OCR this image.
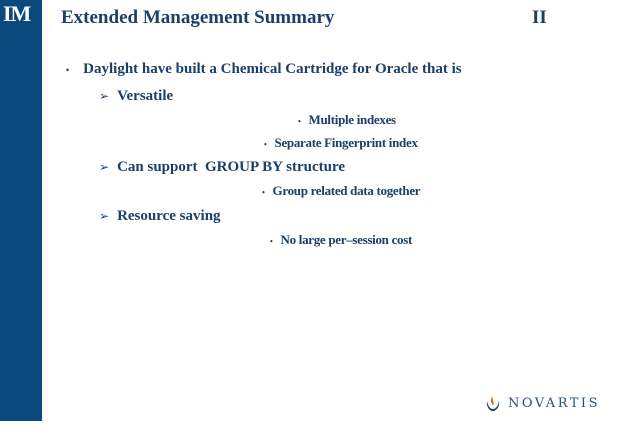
IM	Extended Management Summary	II
• Daylight have built a Chemical Cartridge for Oracle that is
➢ Versatile
• Multiple indexes
• Separate Fingerprint index
➢ Can support  GROUP BY structure
• Group related data together
➢ Resource saving
• No large per–session cost
NOVARTIS
